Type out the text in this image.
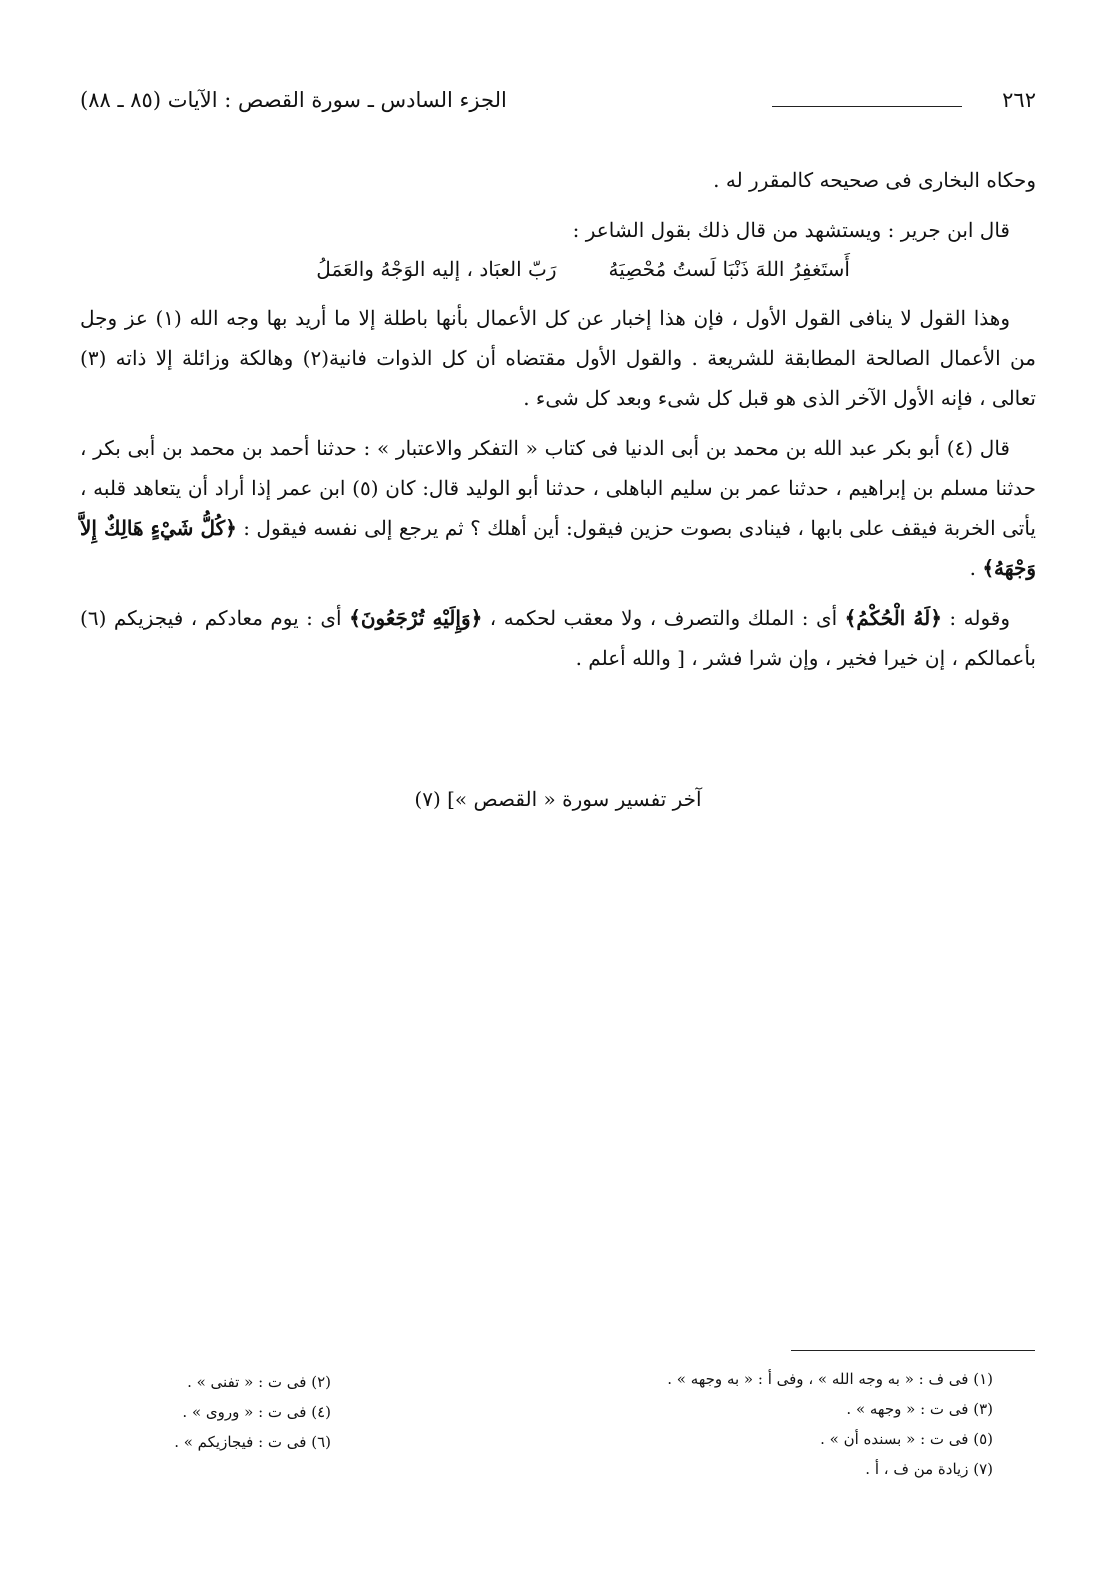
٢٦٢
الجزء السادس ـ سورة القصص : الآيات (٨٥ ـ ٨٨)

وحكاه البخارى فى صحيحه كالمقرر له .

قال ابن جرير : ويستشهد من قال ذلك بقول الشاعر :

أَستَغفِرُ اللهَ ذَنْبَا لَستُ مُحْصِيَهُ
رَبّ العبَاد ، إليه الوَجْهُ والعَمَلُ

وهذا القول لا ينافى القول الأول ، فإن هذا إخبار عن كل الأعمال بأنها باطلة إلا ما أريد بها وجه الله (١) عز وجل من الأعمال الصالحة المطابقة للشريعة . والقول الأول مقتضاه أن كل الذوات فانية(٢) وهالكة وزائلة إلا ذاته (٣) تعالى ، فإنه الأول الآخر الذى هو قبل كل شىء وبعد كل شىء .

قال (٤) أبو بكر عبد الله بن محمد بن أبى الدنيا فى كتاب « التفكر والاعتبار » : حدثنا أحمد بن محمد بن أبى بكر ، حدثنا مسلم بن إبراهيم ، حدثنا عمر بن سليم الباهلى ، حدثنا أبو الوليد قال: كان (٥) ابن عمر إذا أراد أن يتعاهد قلبه ، يأتى الخربة فيقف على بابها ، فينادى بصوت حزين فيقول: أين أهلك ؟ ثم يرجع إلى نفسه فيقول : ﴿كُلُّ شَيْءٍ هَالِكٌ إِلاَّ وَجْهَهُ﴾ .

وقوله : ﴿لَهُ الْحُكْمُ﴾ أى : الملك والتصرف ، ولا معقب لحكمه ، ﴿وَإِلَيْهِ تُرْجَعُونَ﴾ أى : يوم معادكم ، فيجزيكم (٦) بأعمالكم ، إن خيرا فخير ، وإن شرا فشر ، [ والله أعلم .

آخر تفسير سورة « القصص »] (٧)
(١) فى ف : « به وجه الله » ، وفى أ : « به وجهه » .
(٢) فى ت : « تفنى » .
(٣) فى ت : « وجهه » .
(٤) فى ت : « وروى » .
(٥) فى ت : « بسنده أن » .
(٦) فى ت : فيجازيكم » .
(٧) زيادة من ف ، أ .
